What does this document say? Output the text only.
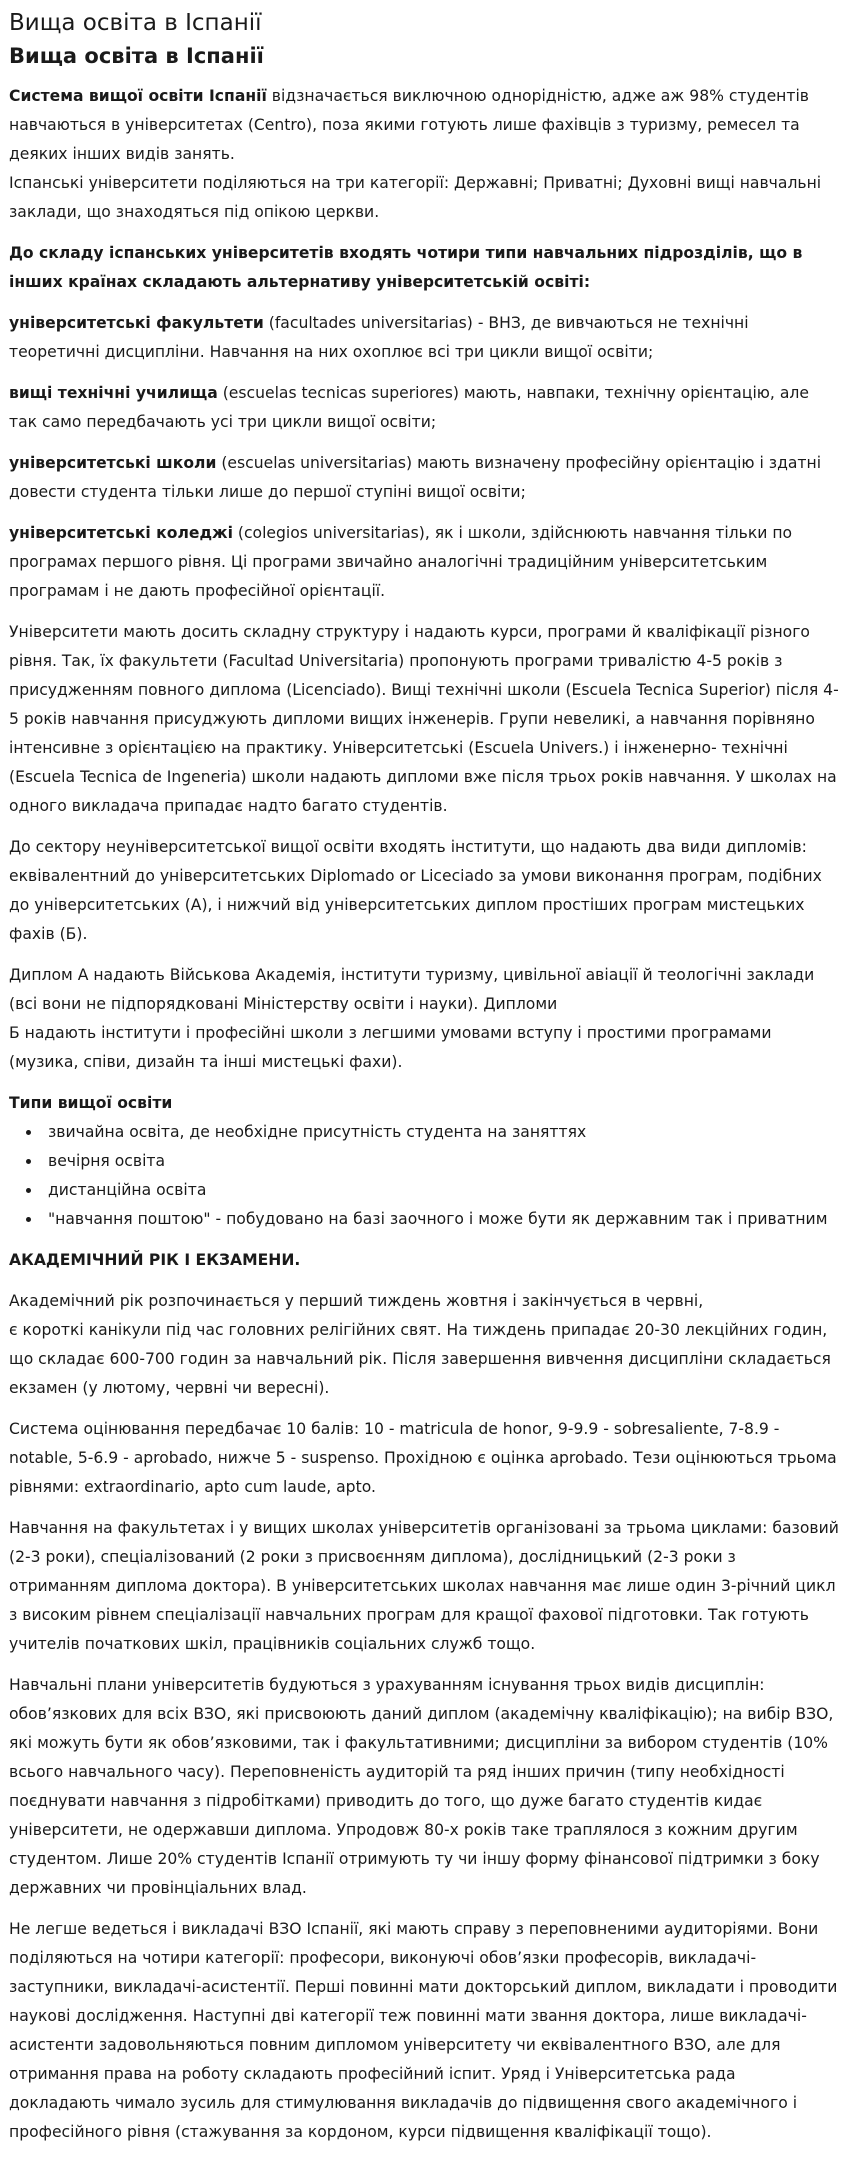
Вища освіта в Іспанії
Вища освіта в Іспанії

Система вищої освіти Іспанії відзначається виключною однорідністю, адже аж 98% студентів навчаються в університетах (Centro), поза якими готують лише фахівців з туризму, ремесел та деяких інших видів занять.

Іспанські університети поділяються на три категорії: Державні; Приватні; Духовні вищі навчальні заклади, що знаходяться під опікою церкви.

До складу іспанських університетів входять чотири типи навчальних підрозділів, що в інших країнах складають альтернативу університетській освіті:

університетські факультети (facultades universitarias) - ВНЗ, де вивчаються не технічні теоретичні дисципліни. Навчання на них охоплює всі три цикли вищої освіти;

вищі технічні училища (escuelas tecnicas superiores) мають, навпаки, технічну орієнтацію, але так само передбачають усі три цикли вищої освіти;

університетські школи (escuelas universitarias) мають визначену професійну орієнтацію і здатні довести студента тільки лише до першої ступіні вищої освіти;

університетські коледжі (colegios universitarias), як і школи, здійснюють навчання тільки по програмах першого рівня. Ці програми звичайно аналогічні традиційним університетським програмам і не дають професійної орієнтації.

Університети мають досить складну структуру і надають курси, програми й кваліфікації різного рівня. Так, їх факультети (Facultad Universitaria) пропонують програми тривалістю 4-5 років з присудженням повного диплома (Licenciado). Вищі технічні школи (Escuela Tecnica Superior) після 4-5 років навчання присуджують дипломи вищих інженерів. Групи невеликі, а навчання порівняно інтенсивне з орієнтацією на практику. Університетські (Escuela Univers.) і інженерно- технічні (Escuela Tecnica de Ingeneria) школи надають дипломи вже після трьох років навчання. У школах на одного викладача припадає надто багато студентів.

До сектору неуніверситетської вищої освіти входять інститути, що надають два види дипломів: еквівалентний до університетських Diplomado or Liceciado за умови виконання програм, подібних до університетських (А), і нижчий від університетських диплом простіших програм мистецьких фахів (Б).

Диплом А надають Військова Академія, інститути туризму, цивільної авіації й теологічні заклади (всі вони не підпорядковані Міністерству освіти і науки). Дипломи
Б надають інститути і професійні школи з легшими умовами вступу і простими програмами (музика, співи, дизайн та інші мистецькі фахи).

Типи вищої освіти

• звичайна освіта, де необхідне присутність студента на заняттях
• вечірня освіта
• дистанційна освіта
• "навчання поштою" - побудовано на базі заочного і може бути як державним так і приватним

АКАДЕМІЧНИЙ РІК І ЕКЗАМЕНИ.

Академічний рік розпочинається у перший тиждень жовтня і закінчується в червні,
є короткі канікули під час головних релігійних свят. На тиждень припадає 20-30 лекційних годин, що складає 600-700 годин за навчальний рік. Після завершення вивчення дисципліни складається екзамен (у лютому, червні чи вересні).

Система оцінювання передбачає 10 балів: 10 - matricula de honor, 9-9.9 - sobresaliente, 7-8.9 - notable, 5-6.9 - aprobado, нижче 5 - suspenso. Прохідною є оцінка aprobado. Тези оцінюються трьома рівнями: extraordinario, apto cum laude, apto.

Навчання на факультетах і у вищих школах університетів організовані за трьома циклами: базовий (2-3 роки), спеціалізований (2 роки з присвоєнням диплома), дослідницький (2-3 роки з отриманням диплома доктора). В університетських школах навчання має лише один 3-річний цикл з високим рівнем спеціалізації навчальних програм для кращої фахової підготовки. Так готують учителів початкових шкіл, працівників соціальних служб тощо.

Навчальні плани університетів будуються з урахуванням існування трьох видів дисциплін: обов’язкових для всіх ВЗО, які присвоюють даний диплом (академічну кваліфікацію); на вибір ВЗО, які можуть бути як обов’язковими, так і факультативними; дисципліни за вибором студентів (10% всього навчального часу). Переповненість аудиторій та ряд інших причин (типу необхідності поєднувати навчання з підробітками) приводить до того, що дуже багато студентів кидає університети, не одержавши диплома. Упродовж 80-х років таке траплялося з кожним другим студентом. Лише 20% студентів Іспанії отримують ту чи іншу форму фінансової підтримки з боку державних чи провінціальних влад.

Не легше ведеться і викладачі ВЗО Іспанії, які мають справу з переповненими аудиторіями. Вони поділяються на чотири категорії: професори, виконуючі обов’язки професорів, викладачі-заступники, викладачі-асистентії. Перші повинні мати докторський диплом, викладати і проводити наукові дослідження. Наступні дві категорії теж повинні мати звання доктора, лише викладачі-асистенти задовольняються повним дипломом університету чи еквівалентного ВЗО, але для отримання права на роботу складають професійний іспит. Уряд і Університетська рада докладають чимало зусиль для стимулювання викладачів до підвищення свого академічного і професійного рівня (стажування за кордоном, курси підвищення кваліфікації тощо).
